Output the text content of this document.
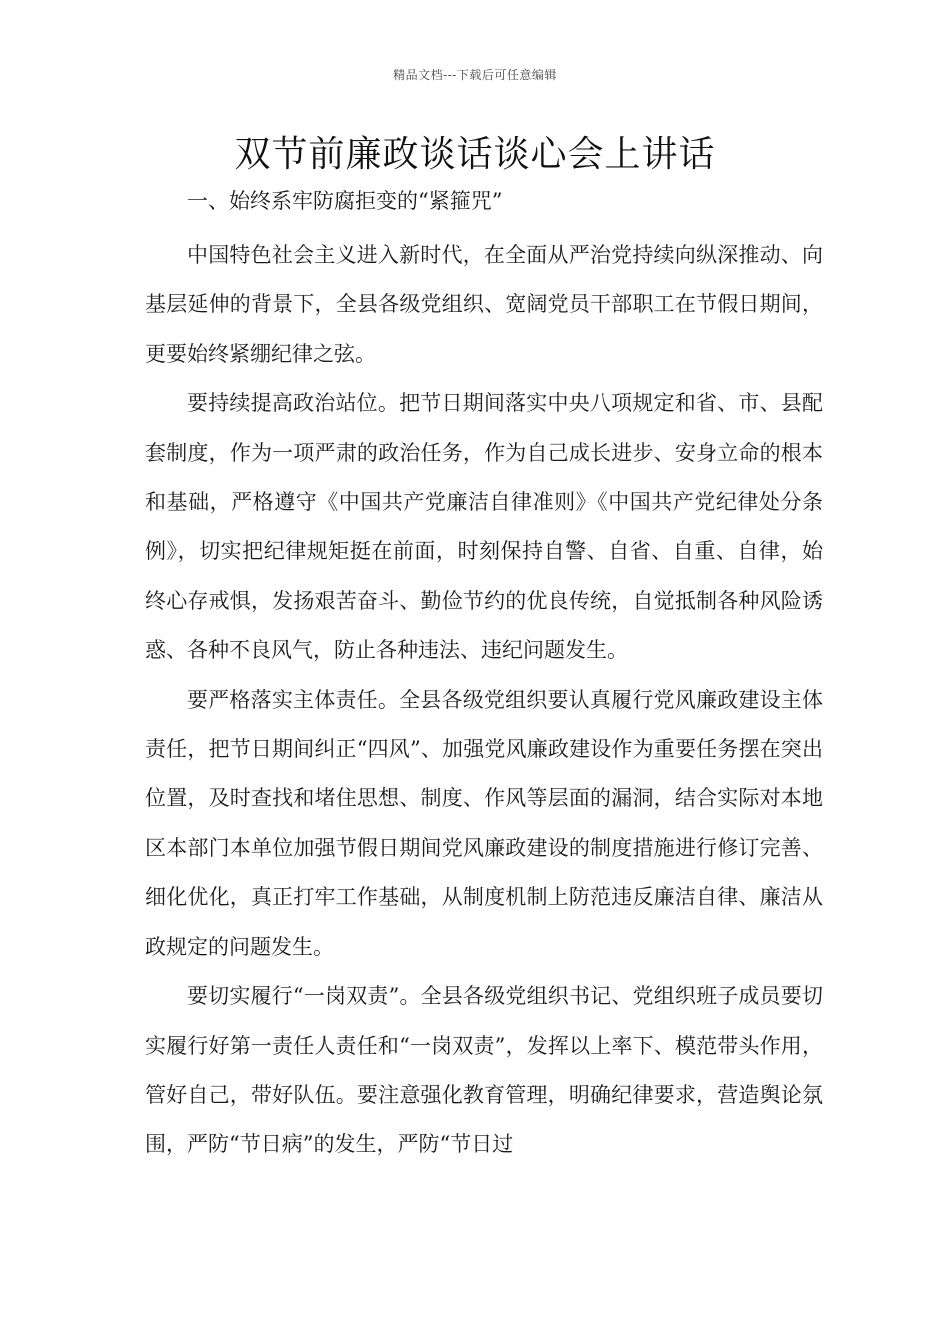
精品文档---下载后可任意编辑
双节前廉政谈话谈心会上讲话

一、始终系牢防腐拒变的“紧箍咒”

中国特色社会主义进入新时代，在全面从严治党持续向纵深推动、向基层延伸的背景下，全县各级党组织、宽阔党员干部职工在节假日期间，更要始终紧绷纪律之弦。

要持续提高政治站位。把节日期间落实中央八项规定和省、市、县配套制度，作为一项严肃的政治任务，作为自己成长进步、安身立命的根本和基础，严格遵守《中国共产党廉洁自律准则》《中国共产党纪律处分条例》，切实把纪律规矩挺在前面，时刻保持自警、自省、自重、自律，始终心存戒惧，发扬艰苦奋斗、勤俭节约的优良传统，自觉抵制各种风险诱惑、各种不良风气，防止各种违法、违纪问题发生。

要严格落实主体责任。全县各级党组织要认真履行党风廉政建设主体责任，把节日期间纠正“四风”、加强党风廉政建设作为重要任务摆在突出位置，及时查找和堵住思想、制度、作风等层面的漏洞，结合实际对本地区本部门本单位加强节假日期间党风廉政建设的制度措施进行修订完善、细化优化，真正打牢工作基础，从制度机制上防范违反廉洁自律、廉洁从政规定的问题发生。

要切实履行“一岗双责”。全县各级党组织书记、党组织班子成员要切实履行好第一责任人责任和“一岗双责”，发挥以上率下、模范带头作用，管好自己，带好队伍。要注意强化教育管理，明确纪律要求，营造舆论氛围，严防“节日病”的发生，严防“节日过
